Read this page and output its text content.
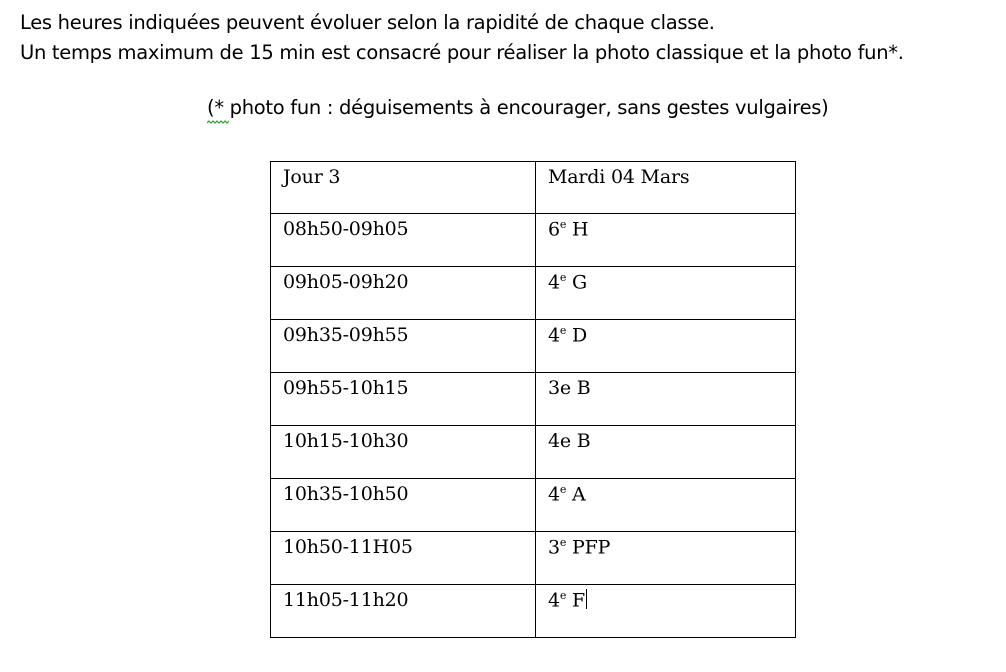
Les heures indiquées peuvent évoluer selon la rapidité de chaque classe.

Un temps maximum de 15 min est consacré pour réaliser la photo classique et la photo fun*.

(
* photo fun : déguisements à encourager, sans gestes vulgaires)
Jour 3	Mardi 04 Mars
08h50-09h05	6e H
09h05-09h20	4e G
09h35-09h55	4e D
09h55-10h15	3e B
10h15-10h30	4e B
10h35-10h50	4e A
10h50-11H05	3e PFP
11h05-11h20	4e F
